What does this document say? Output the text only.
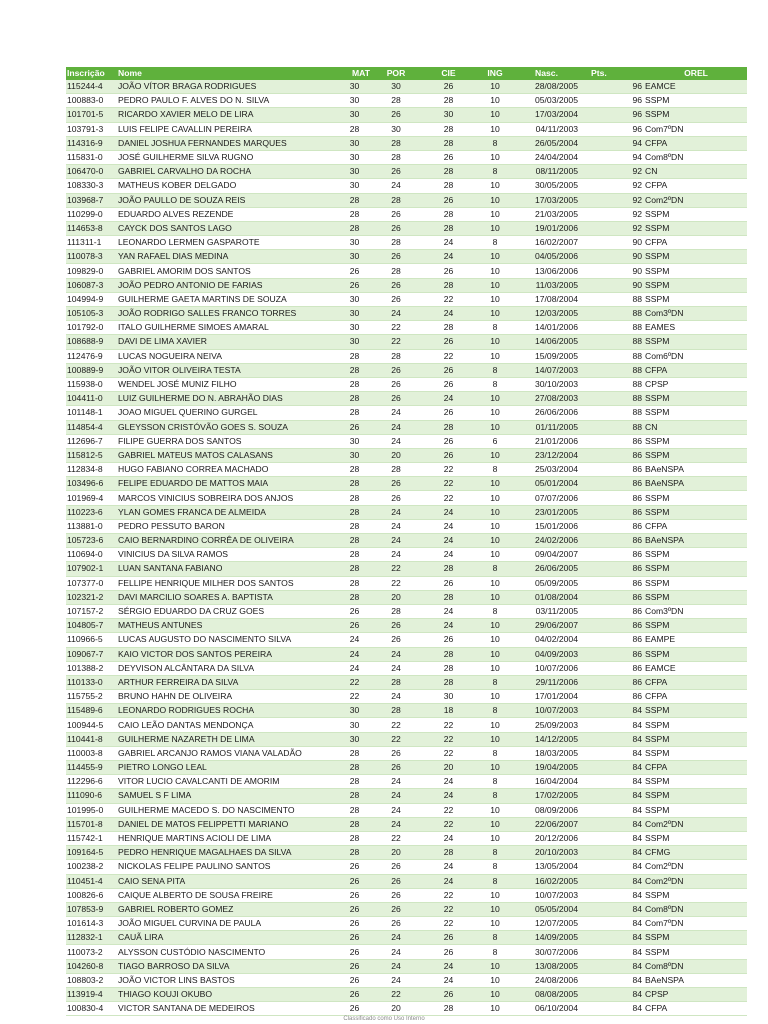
Inscrição	Nome	MAT	POR	CIE	ING	Nasc.	Pts.	OREL
115244-4	JOÃO VÍTOR BRAGA RODRIGUES	30	30	26	10	28/08/2005	96	EAMCE
100883-0	PEDRO PAULO F. ALVES DO N. SILVA	30	28	28	10	05/03/2005	96	SSPM
101701-5	RICARDO XAVIER MELO DE LIRA	30	26	30	10	17/03/2004	96	SSPM
103791-3	LUIS FELIPE CAVALLIN PEREIRA	28	30	28	10	04/11/2003	96	Com7ºDN
114316-9	DANIEL JOSHUA FERNANDES MARQUES	30	28	28	8	26/05/2004	94	CFPA
115831-0	JOSÉ GUILHERME SILVA RUGNO	30	28	26	10	24/04/2004	94	Com8ºDN
106470-0	GABRIEL CARVALHO DA ROCHA	30	26	28	8	08/11/2005	92	CN
108330-3	MATHEUS KOBER DELGADO	30	24	28	10	30/05/2005	92	CFPA
103968-7	JOÃO PAULLO DE SOUZA REIS	28	28	26	10	17/03/2005	92	Com2ºDN
110299-0	EDUARDO ALVES REZENDE	28	26	28	10	21/03/2005	92	SSPM
114653-8	CAYCK DOS SANTOS LAGO	28	26	28	10	19/01/2006	92	SSPM
111311-1	LEONARDO LERMEN GASPAROTE	30	28	24	8	16/02/2007	90	CFPA
110078-3	YAN RAFAEL DIAS MEDINA	30	26	24	10	04/05/2006	90	SSPM
109829-0	GABRIEL AMORIM DOS SANTOS	26	28	26	10	13/06/2006	90	SSPM
106087-3	JOÃO PEDRO ANTONIO DE FARIAS	26	26	28	10	11/03/2005	90	SSPM
104994-9	GUILHERME GAETA MARTINS DE SOUZA	30	26	22	10	17/08/2004	88	SSPM
105105-3	JOÃO RODRIGO SALLES FRANCO TORRES	30	24	24	10	12/03/2005	88	Com3ºDN
101792-0	ITALO GUILHERME SIMOES AMARAL	30	22	28	8	14/01/2006	88	EAMES
108688-9	DAVI DE LIMA XAVIER	30	22	26	10	14/06/2005	88	SSPM
112476-9	LUCAS NOGUEIRA NEIVA	28	28	22	10	15/09/2005	88	Com6ºDN
100889-9	JOÃO VITOR OLIVEIRA TESTA	28	26	26	8	14/07/2003	88	CFPA
115938-0	WENDEL JOSÉ MUNIZ FILHO	28	26	26	8	30/10/2003	88	CPSP
104411-0	LUIZ GUILHERME DO N. ABRAHÃO DIAS	28	26	24	10	27/08/2003	88	SSPM
101148-1	JOAO MIGUEL QUERINO GURGEL	28	24	26	10	26/06/2006	88	SSPM
114854-4	GLEYSSON CRISTÓVÃO GOES S. SOUZA	26	24	28	10	01/11/2005	88	CN
112696-7	FILIPE GUERRA DOS SANTOS	30	24	26	6	21/01/2006	86	SSPM
115812-5	GABRIEL MATEUS MATOS CALASANS	30	20	26	10	23/12/2004	86	SSPM
112834-8	HUGO FABIANO CORREA MACHADO	28	28	22	8	25/03/2004	86	BAeNSPA
103496-6	FELIPE EDUARDO DE MATTOS MAIA	28	26	22	10	05/01/2004	86	BAeNSPA
101969-4	MARCOS VINICIUS SOBREIRA DOS ANJOS	28	26	22	10	07/07/2006	86	SSPM
110223-6	YLAN GOMES FRANCA DE ALMEIDA	28	24	24	10	23/01/2005	86	SSPM
113881-0	PEDRO PESSUTO BARON	28	24	24	10	15/01/2006	86	CFPA
105723-6	CAIO BERNARDINO CORRÊA DE OLIVEIRA	28	24	24	10	24/02/2006	86	BAeNSPA
110694-0	VINICIUS DA SILVA RAMOS	28	24	24	10	09/04/2007	86	SSPM
107902-1	LUAN SANTANA FABIANO	28	22	28	8	26/06/2005	86	SSPM
107377-0	FELLIPE HENRIQUE MILHER DOS SANTOS	28	22	26	10	05/09/2005	86	SSPM
102321-2	DAVI MARCILIO SOARES A. BAPTISTA	28	20	28	10	01/08/2004	86	SSPM
107157-2	SÉRGIO EDUARDO DA CRUZ GOES	26	28	24	8	03/11/2005	86	Com3ºDN
104805-7	MATHEUS ANTUNES	26	26	24	10	29/06/2007	86	SSPM
110966-5	LUCAS AUGUSTO DO NASCIMENTO SILVA	24	26	26	10	04/02/2004	86	EAMPE
109067-7	KAIO VICTOR DOS SANTOS PEREIRA	24	24	28	10	04/09/2003	86	SSPM
101388-2	DEYVISON ALCÂNTARA DA SILVA	24	24	28	10	10/07/2006	86	EAMCE
110133-0	ARTHUR FERREIRA DA SILVA	22	28	28	8	29/11/2006	86	CFPA
115755-2	BRUNO HAHN DE OLIVEIRA	22	24	30	10	17/01/2004	86	CFPA
115489-6	LEONARDO RODRIGUES ROCHA	30	28	18	8	10/07/2003	84	SSPM
100944-5	CAIO LEÃO DANTAS MENDONÇA	30	22	22	10	25/09/2003	84	SSPM
110441-8	GUILHERME NAZARETH DE LIMA	30	22	22	10	14/12/2005	84	SSPM
110003-8	GABRIEL ARCANJO RAMOS VIANA VALADÃO	28	26	22	8	18/03/2005	84	SSPM
114455-9	PIETRO LONGO LEAL	28	26	20	10	19/04/2005	84	CFPA
112296-6	VITOR LUCIO CAVALCANTI DE AMORIM	28	24	24	8	16/04/2004	84	SSPM
111090-6	SAMUEL S F LIMA	28	24	24	8	17/02/2005	84	SSPM
101995-0	GUILHERME MACEDO S. DO NASCIMENTO	28	24	22	10	08/09/2006	84	SSPM
115701-8	DANIEL DE MATOS FELIPPETTI MARIANO	28	24	22	10	22/06/2007	84	Com2ºDN
115742-1	HENRIQUE MARTINS ACIOLI DE LIMA	28	22	24	10	20/12/2006	84	SSPM
109164-5	PEDRO HENRIQUE MAGALHAES DA SILVA	28	20	28	8	20/10/2003	84	CFMG
100238-2	NICKOLAS FELIPE PAULINO SANTOS	26	26	24	8	13/05/2004	84	Com2ºDN
110451-4	CAIO SENA PITA	26	26	24	8	16/02/2005	84	Com2ºDN
100826-6	CAIQUE ALBERTO DE SOUSA FREIRE	26	26	22	10	10/07/2003	84	SSPM
107853-9	GABRIEL ROBERTO GOMEZ	26	26	22	10	05/05/2004	84	Com8ºDN
101614-3	JOÃO MIGUEL CURVINA DE PAULA	26	26	22	10	12/07/2005	84	Com7ºDN
112832-1	CAUÃ LIRA	26	24	26	8	14/09/2005	84	SSPM
110073-2	ALYSSON CUSTÓDIO NASCIMENTO	26	24	26	8	30/07/2006	84	SSPM
104260-8	TIAGO BARROSO DA SILVA	26	24	24	10	13/08/2005	84	Com8ºDN
108803-2	JOÃO VICTOR LINS BASTOS	26	24	24	10	24/08/2006	84	BAeNSPA
113919-4	THIAGO KOUJI OKUBO	26	22	26	10	08/08/2005	84	CPSP
100830-4	VICTOR SANTANA DE MEDEIROS	26	20	28	10	06/10/2004	84	CFPA
Classificado como Uso Interno
